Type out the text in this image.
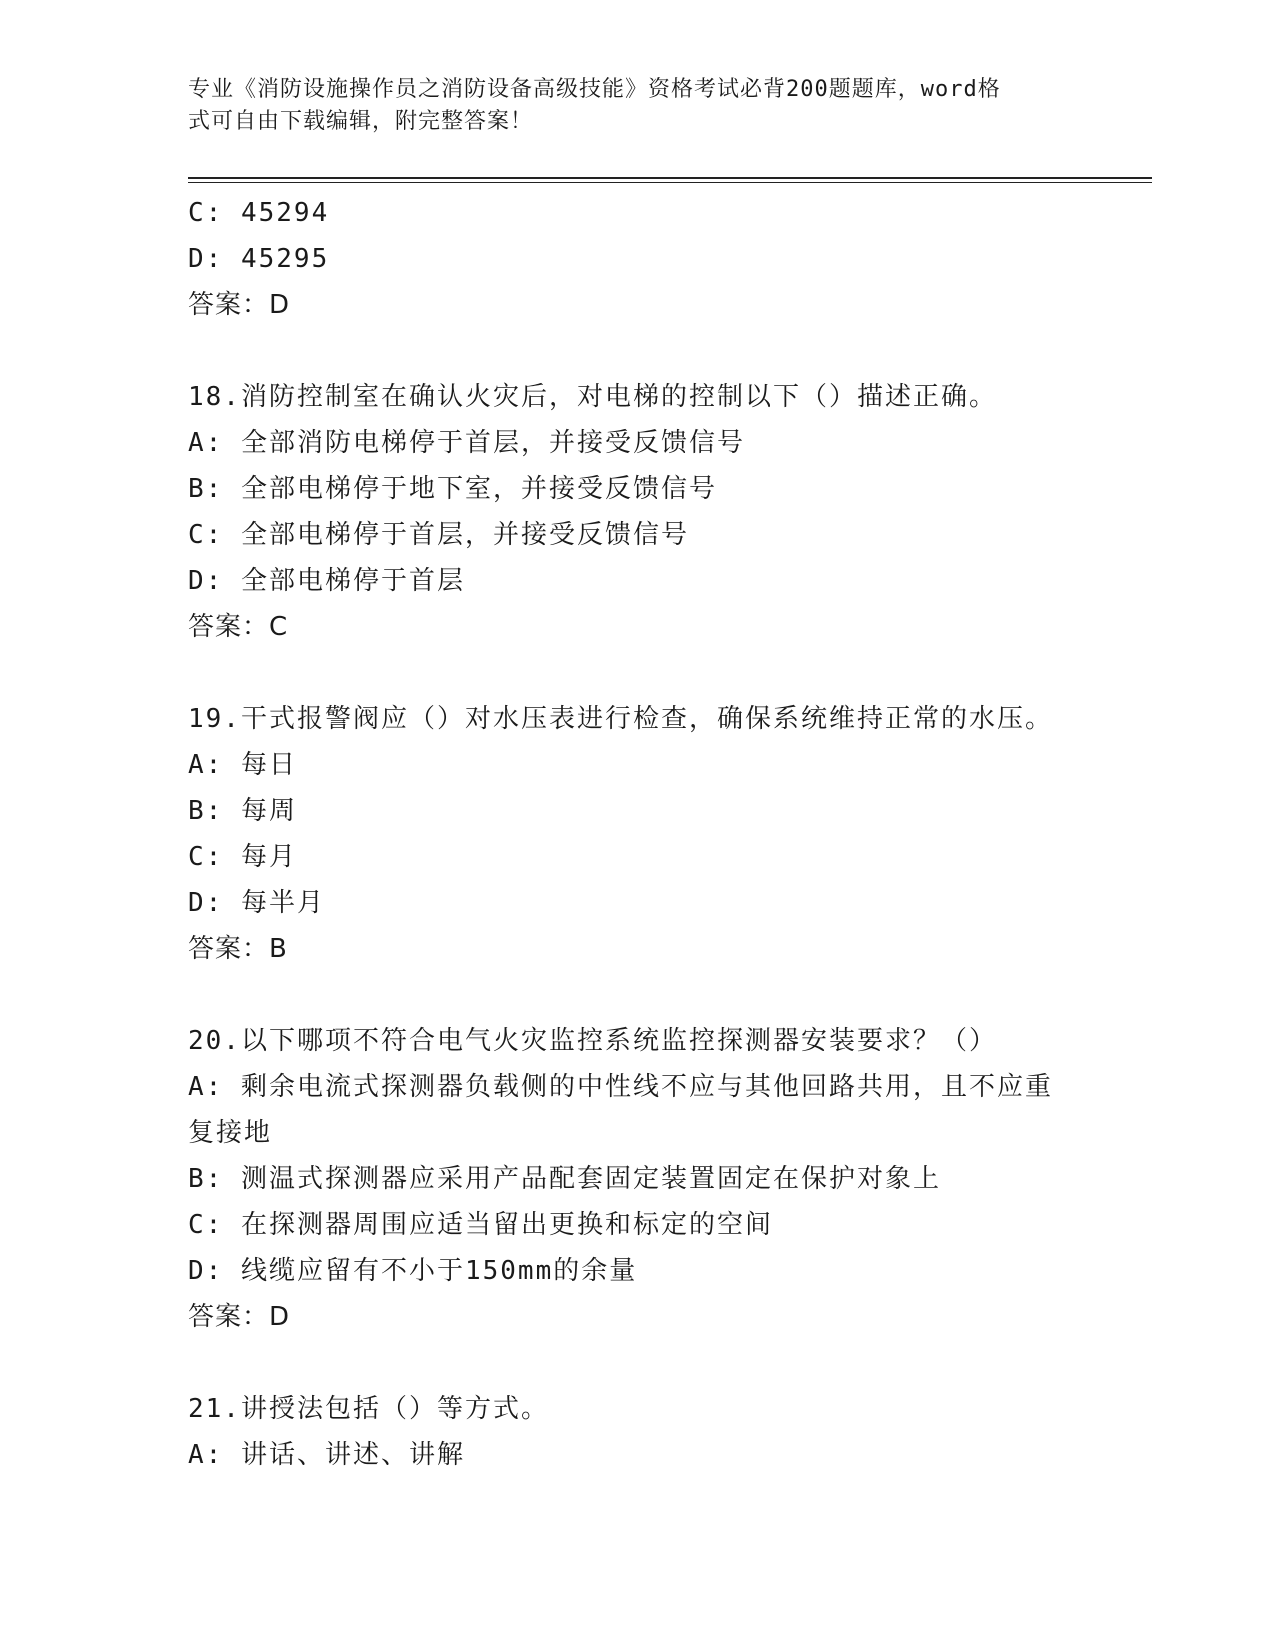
专业《消防设施操作员之消防设备高级技能》资格考试必背200题题库，word格
式可自由下载编辑，附完整答案！
C: 45294
D: 45295
答案：D
18.消防控制室在确认火灾后，对电梯的控制以下（）描述正确。
A: 全部消防电梯停于首层，并接受反馈信号
B: 全部电梯停于地下室，并接受反馈信号
C: 全部电梯停于首层，并接受反馈信号
D: 全部电梯停于首层
答案：C
19.干式报警阀应（）对水压表进行检查，确保系统维持正常的水压。
A: 每日
B: 每周
C: 每月
D: 每半月
答案：B
20.以下哪项不符合电气火灾监控系统监控探测器安装要求？（）
A: 剩余电流式探测器负载侧的中性线不应与其他回路共用，且不应重
复接地
B: 测温式探测器应采用产品配套固定装置固定在保护对象上
C: 在探测器周围应适当留出更换和标定的空间
D: 线缆应留有不小于150mm的余量
答案：D
21.讲授法包括（）等方式。
A: 讲话、讲述、讲解
